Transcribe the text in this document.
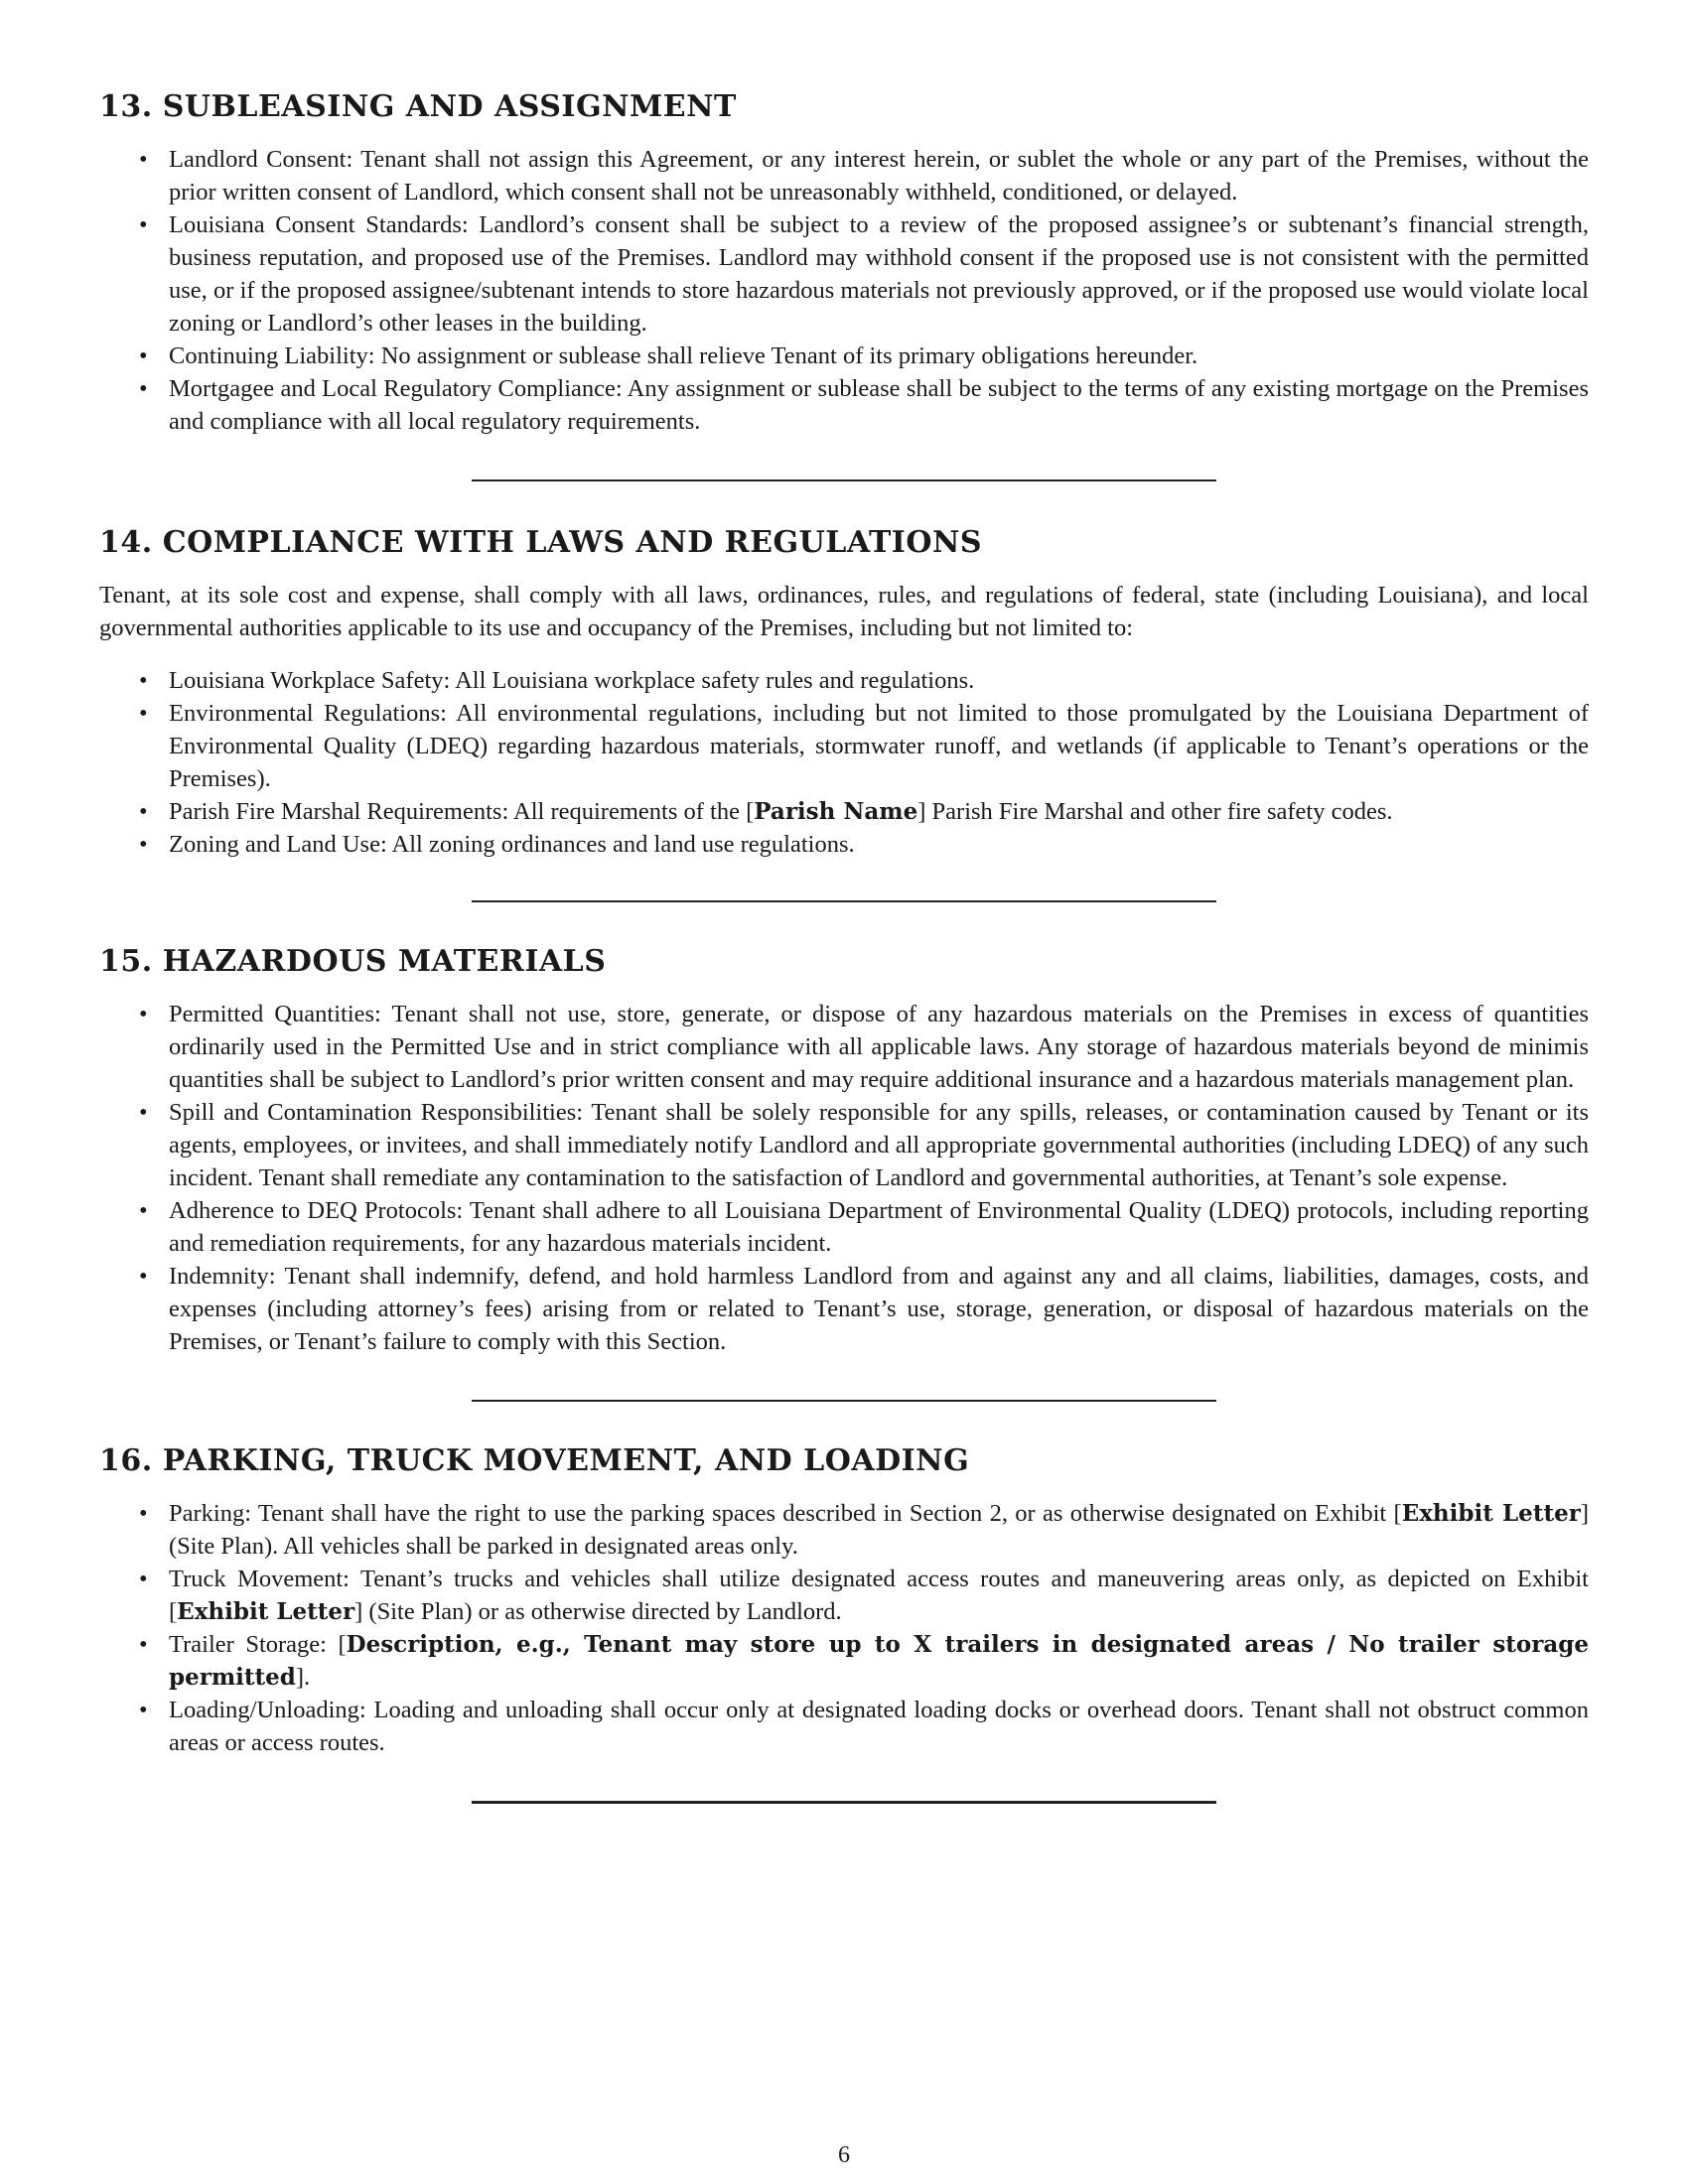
13. SUBLEASING AND ASSIGNMENT
• Landlord Consent: Tenant shall not assign this Agreement, or any interest herein, or sublet the whole or any part of the Premises, without the prior written consent of Landlord, which consent shall not be unreasonably withheld, conditioned, or delayed.
• Louisiana Consent Standards: Landlord’s consent shall be subject to a review of the proposed assignee’s or subtenant’s financial strength, business reputation, and proposed use of the Premises. Landlord may withhold consent if the proposed use is not consistent with the permitted use, or if the proposed assignee/subtenant intends to store hazardous materials not previously approved, or if the proposed use would violate local zoning or Landlord’s other leases in the building.
• Continuing Liability: No assignment or sublease shall relieve Tenant of its primary obligations hereunder.
• Mortgagee and Local Regulatory Compliance: Any assignment or sublease shall be subject to the terms of any existing mortgage on the Premises and compliance with all local regulatory requirements.
14. COMPLIANCE WITH LAWS AND REGULATIONS

Tenant, at its sole cost and expense, shall comply with all laws, ordinances, rules, and regulations of federal, state (including Louisiana), and local governmental authorities applicable to its use and occupancy of the Premises, including but not limited to:

• Louisiana Workplace Safety: All Louisiana workplace safety rules and regulations.
• Environmental Regulations: All environmental regulations, including but not limited to those promulgated by the Louisiana Department of Environmental Quality (LDEQ) regarding hazardous materials, stormwater runoff, and wetlands (if applicable to Tenant’s operations or the Premises).
• Parish Fire Marshal Requirements: All requirements of the [Parish Name] Parish Fire Marshal and other fire safety codes.
• Zoning and Land Use: All zoning ordinances and land use regulations.
15. HAZARDOUS MATERIALS
• Permitted Quantities: Tenant shall not use, store, generate, or dispose of any hazardous materials on the Premises in excess of quantities ordinarily used in the Permitted Use and in strict compliance with all applicable laws. Any storage of hazardous materials beyond de minimis quantities shall be subject to Landlord’s prior written consent and may require additional insurance and a hazardous materials management plan.
• Spill and Contamination Responsibilities: Tenant shall be solely responsible for any spills, releases, or contamination caused by Tenant or its agents, employees, or invitees, and shall immediately notify Landlord and all appropriate governmental authorities (including LDEQ) of any such incident. Tenant shall remediate any contamination to the satisfaction of Landlord and governmental authorities, at Tenant’s sole expense.
• Adherence to DEQ Protocols: Tenant shall adhere to all Louisiana Department of Environmental Quality (LDEQ) protocols, including reporting and remediation requirements, for any hazardous materials incident.
• Indemnity: Tenant shall indemnify, defend, and hold harmless Landlord from and against any and all claims, liabilities, damages, costs, and expenses (including attorney’s fees) arising from or related to Tenant’s use, storage, generation, or disposal of hazardous materials on the Premises, or Tenant’s failure to comply with this Section.
16. PARKING, TRUCK MOVEMENT, AND LOADING
• Parking: Tenant shall have the right to use the parking spaces described in Section 2, or as otherwise designated on Exhibit [Exhibit Letter] (Site Plan). All vehicles shall be parked in designated areas only.
• Truck Movement: Tenant’s trucks and vehicles shall utilize designated access routes and maneuvering areas only, as depicted on Exhibit [Exhibit Letter] (Site Plan) or as otherwise directed by Landlord.
• Trailer Storage: [Description, e.g., Tenant may store up to X trailers in designated areas / No trailer storage permitted].
• Loading/Unloading: Loading and unloading shall occur only at designated loading docks or overhead doors. Tenant shall not obstruct common areas or access routes.
6
